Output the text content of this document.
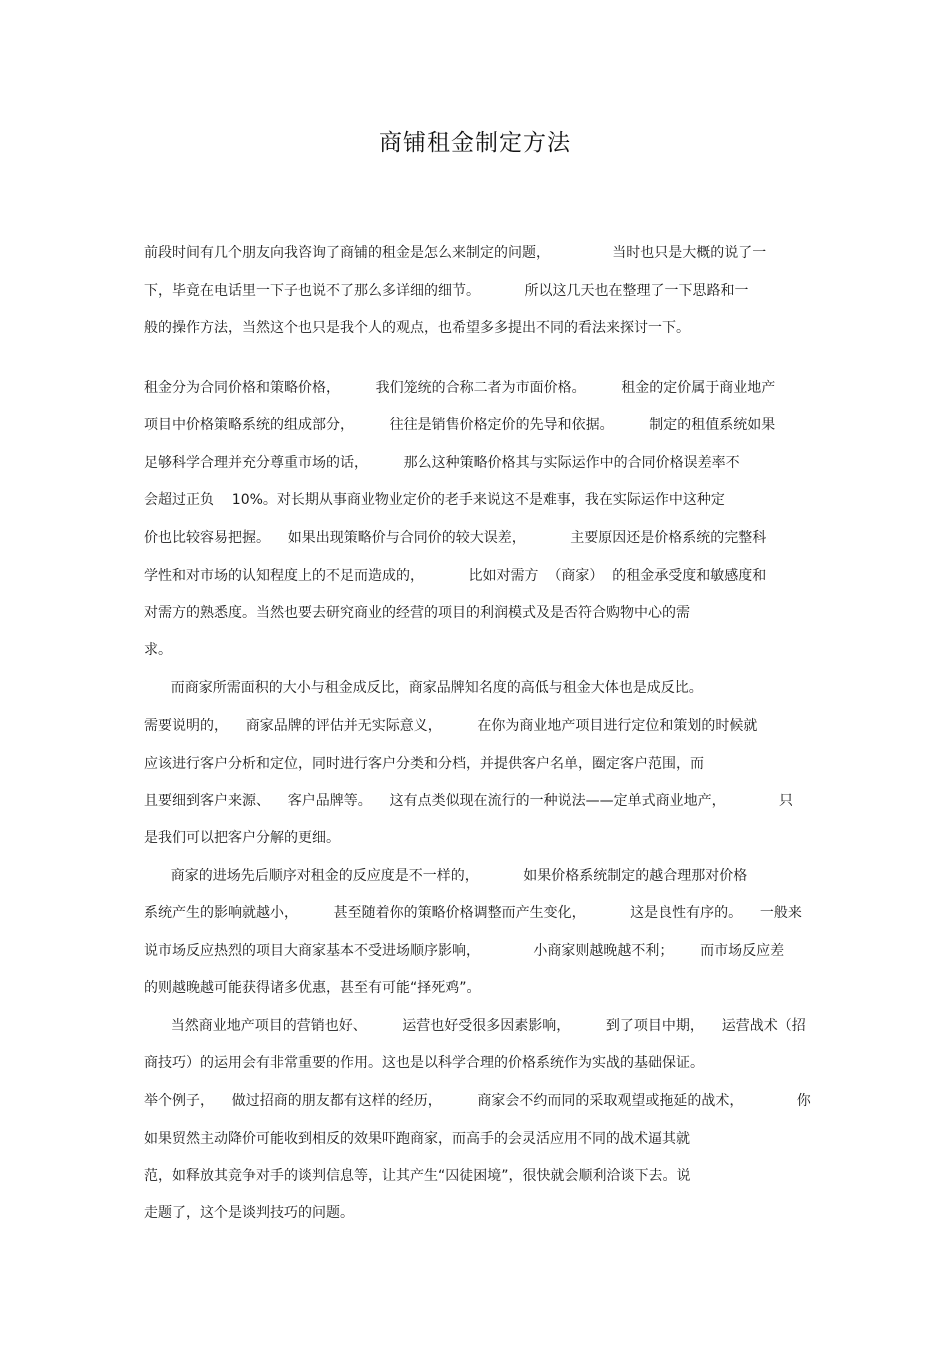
商铺租金制定方法
前段时间有几个朋友向我咨询了商铺的租金是怎么来制定的问题，              当时也只是大概的说了一
下，毕竟在电话里一下子也说不了那么多详细的细节。          所以这几天也在整理了一下思路和一
般的操作方法，当然这个也只是我个人的观点，也希望多多提出不同的看法来探讨一下。
租金分为合同价格和策略价格，        我们笼统的合称二者为市面价格。        租金的定价属于商业地产
项目中价格策略系统的组成部分，        往往是销售价格定价的先导和依据。        制定的租值系统如果
足够科学合理并充分尊重市场的话，        那么这种策略价格其与实际运作中的合同价格误差率不
会超过正负    10%。对长期从事商业物业定价的老手来说这不是难事，我在实际运作中这种定
价也比较容易把握。    如果出现策略价与合同价的较大误差，          主要原因还是价格系统的完整科
学性和对市场的认知程度上的不足而造成的，          比如对需方  （商家）  的租金承受度和敏感度和
对需方的熟悉度。当然也要去研究商业的经营的项目的利润模式及是否符合购物中心的需
求。
而商家所需面积的大小与租金成反比，商家品牌知名度的高低与租金大体也是成反比。
需要说明的，    商家品牌的评估并无实际意义，        在你为商业地产项目进行定位和策划的时候就
应该进行客户分析和定位，同时进行客户分类和分档，并提供客户名单，圈定客户范围，而
且要细到客户来源、    客户品牌等。    这有点类似现在流行的一种说法——定单式商业地产，            只
是我们可以把客户分解的更细。
商家的进场先后顺序对租金的反应度是不一样的，          如果价格系统制定的越合理那对价格
系统产生的影响就越小，        甚至随着你的策略价格调整而产生变化，          这是良性有序的。    一般来
说市场反应热烈的项目大商家基本不受进场顺序影响，            小商家则越晚越不利；      而市场反应差
的则越晚越可能获得诸多优惠，甚至有可能“择死鸡”。
当然商业地产项目的营销也好、        运营也好受很多因素影响，        到了项目中期，    运营战术（招
商技巧）的运用会有非常重要的作用。这也是以科学合理的价格系统作为实战的基础保证。
举个例子，    做过招商的朋友都有这样的经历，        商家会不约而同的采取观望或拖延的战术，            你
如果贸然主动降价可能收到相反的效果吓跑商家，而高手的会灵活应用不同的战术逼其就
范，如释放其竞争对手的谈判信息等，让其产生“囚徒困境”，很快就会顺利洽谈下去。说
走题了，这个是谈判技巧的问题。
